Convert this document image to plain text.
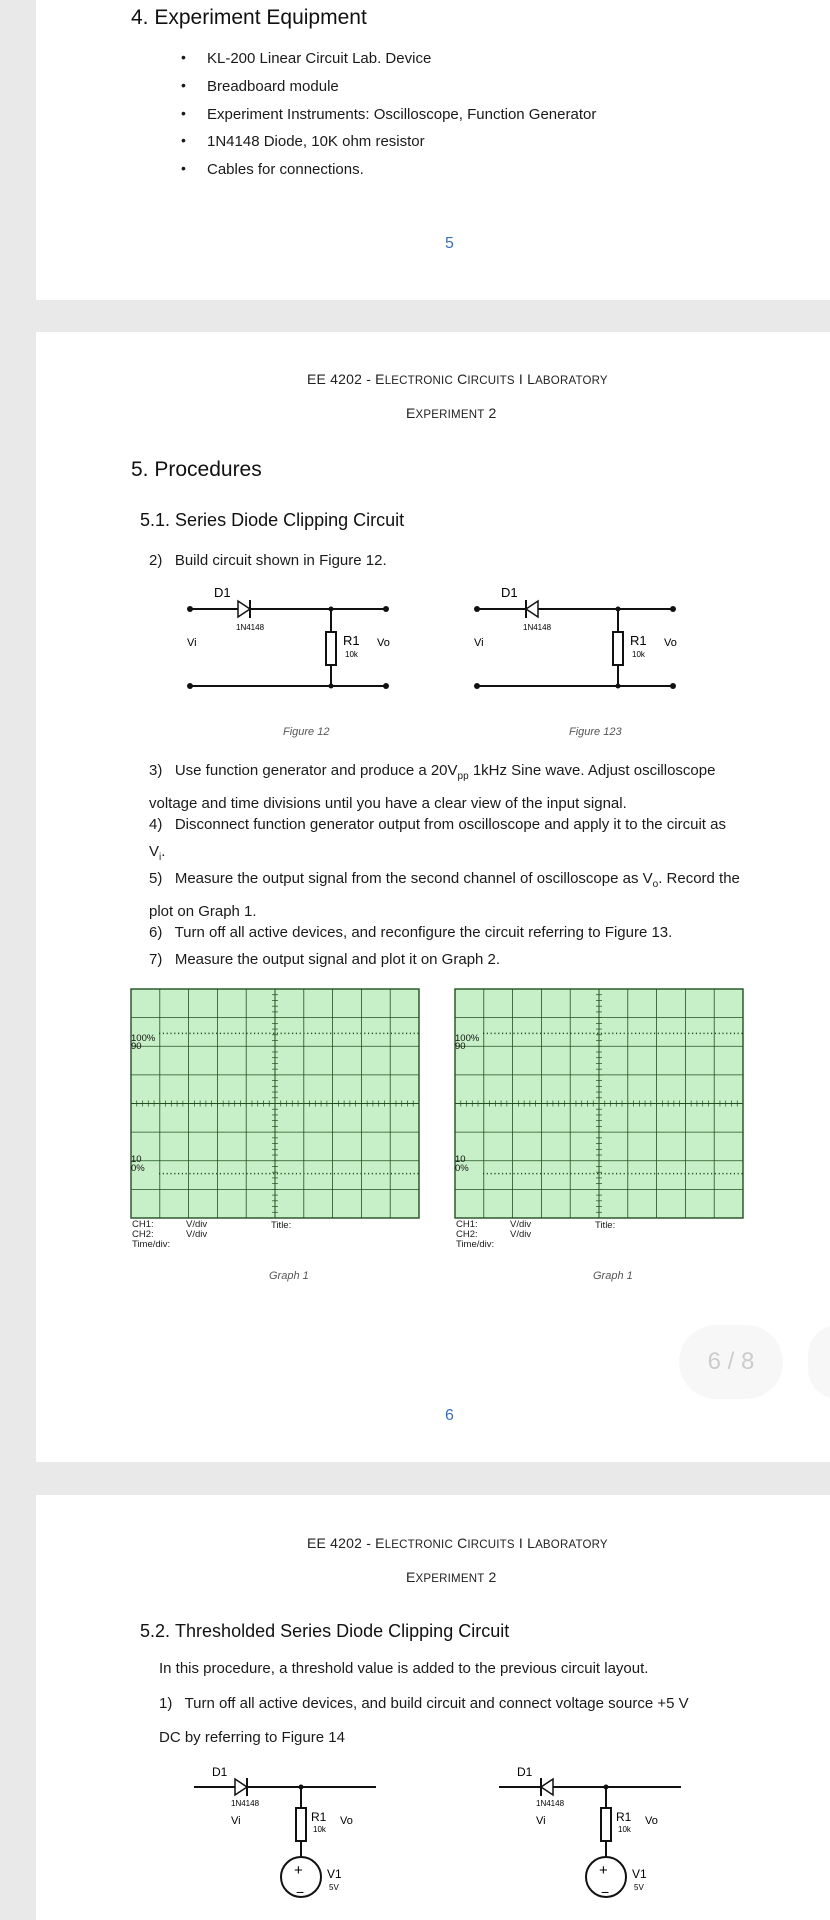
4. Experiment Equipment
• KL-200 Linear Circuit Lab. Device
• Breadboard module
• Experiment Instruments: Oscilloscope, Function Generator
• 1N4148 Diode, 10K ohm resistor
• Cables for connections.
5
EE 4202 - ELECTRONIC CIRCUITS I LABORATORY
EXPERIMENT 2
5. Procedures
5.1. Series Diode Clipping Circuit
2)   Build circuit shown in Figure 12.
D1
1N4148
R1
10k
Vi	Vo
D1
1N4148
R1
10k
Vi	Vo
Figure 12	Figure 123
3)   Use function generator and produce a $20V_{pp}$ 1kHz Sine wave. Adjust oscilloscope voltage and time divisions until you have a clear view of the input signal.
4)   Disconnect function generator output from oscilloscope and apply it to the circuit as $V_i$.
5)   Measure the output signal from the second channel of oscilloscope as $V_o$. Record the plot on Graph 1.
6)   Turn off all active devices, and reconfigure the circuit referring to Figure 13.
7)   Measure the output signal and plot it on Graph 2.
100%
90
10
0%
CH1:
CH2:
Time/div:
V/div
V/div
Title:
100%
90
10
0%
CH1:
CH2:
Time/div:
V/div
V/div
Title:
Graph 1	Graph 1
6
6 / 8
EE 4202 - ELECTRONIC CIRCUITS I LABORATORY
EXPERIMENT 2
5.2. Thresholded Series Diode Clipping Circuit
In this procedure, a threshold value is added to the previous circuit layout.
1)   Turn off all active devices, and build circuit and connect voltage source +5 V
DC by referring to Figure 14
+
−
D1
1N4148
R1
10k
Vi	Vo
V1
5V
+
−
D1
1N4148
R1
10k
Vi	Vo
V1
5V
